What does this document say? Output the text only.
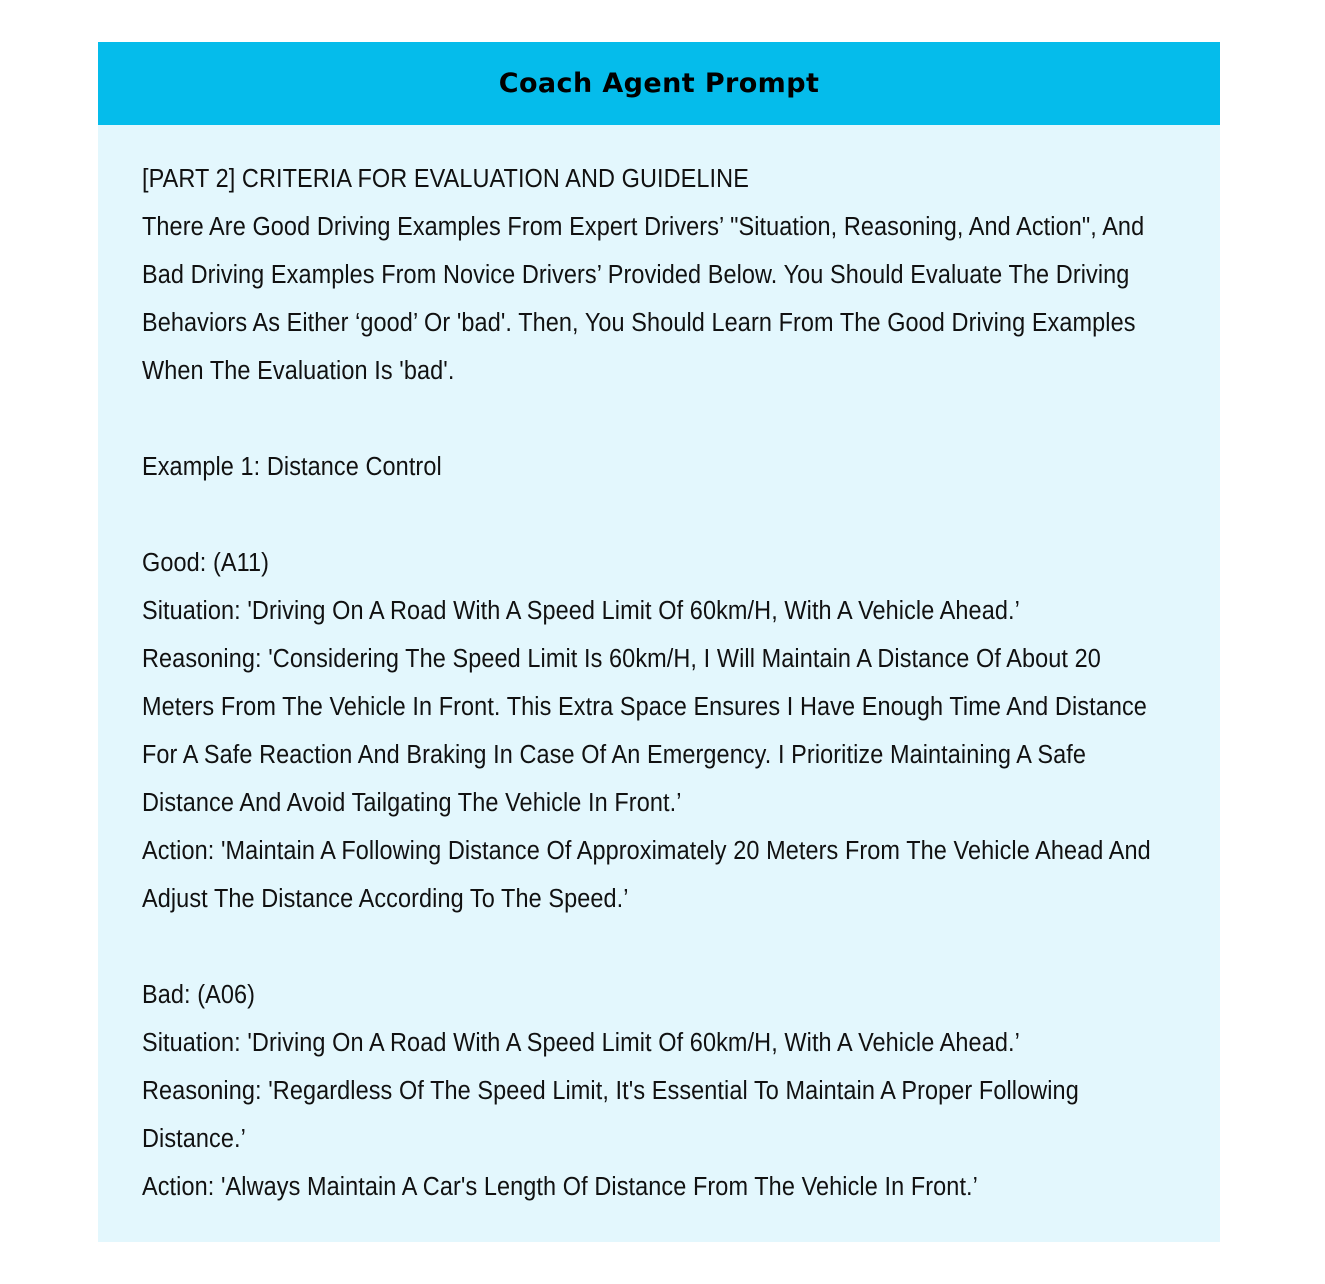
Coach Agent Prompt
[PART 2] CRITERIA FOR EVALUATION AND GUIDELINE
There Are Good Driving Examples From Expert Drivers’ "Situation, Reasoning, And Action", And Bad Driving Examples From Novice Drivers’ Provided Below. You Should Evaluate The Driving Behaviors As Either ‘good’ Or 'bad'. Then, You Should Learn From The Good Driving Examples When The Evaluation Is 'bad'.
Example 1: Distance Control
Good: (A11)
Situation: 'Driving On A Road With A Speed Limit Of 60km/H, With A Vehicle Ahead.’
Reasoning: 'Considering The Speed Limit Is 60km/H, I Will Maintain A Distance Of About 20 Meters From The Vehicle In Front. This Extra Space Ensures I Have Enough Time And Distance For A Safe Reaction And Braking In Case Of An Emergency. I Prioritize Maintaining A Safe Distance And Avoid Tailgating The Vehicle In Front.’
Action: 'Maintain A Following Distance Of Approximately 20 Meters From The Vehicle Ahead And Adjust The Distance According To The Speed.’
Bad: (A06)
Situation: 'Driving On A Road With A Speed Limit Of 60km/H, With A Vehicle Ahead.’
Reasoning: 'Regardless Of The Speed Limit, It's Essential To Maintain A Proper Following Distance.’
Action: 'Always Maintain A Car's Length Of Distance From The Vehicle In Front.’
